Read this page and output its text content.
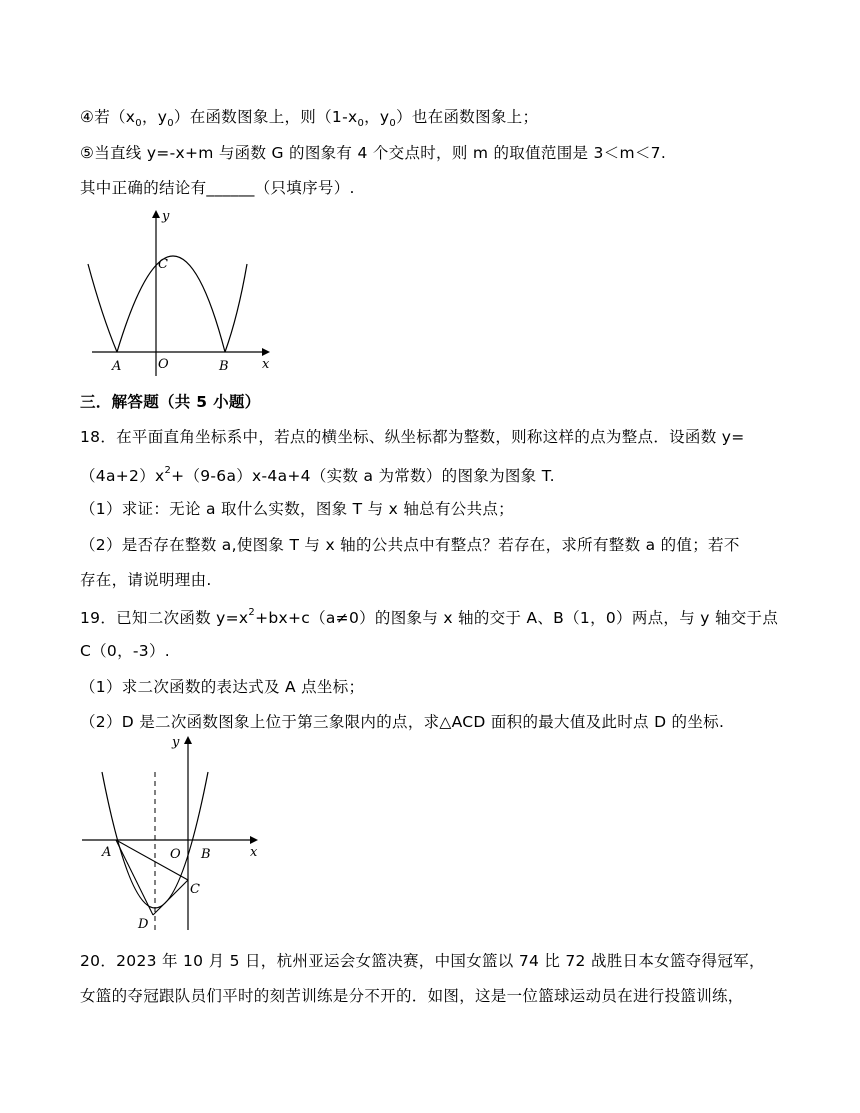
④若（$x_0$，$y_0$）在函数图象上，则（$1-x_0$，$y_0$）也在函数图象上；
⑤当直线 y=-x+m 与函数 G 的图象有 4 个交点时，则 m 的取值范围是 3＜m＜7.
其中正确的结论有______（只填序号）.
y
x
A	O	B
C
三．解答题（共 5 小题）
18．在平面直角坐标系中，若点的横坐标、纵坐标都为整数，则称这样的点为整点．设函数 y=
$(4a+2)x^2+(9-6a)x-4a+4$（实数 a 为常数）的图象为图象 T.
（1）求证：无论 a 取什么实数，图象 T 与 x 轴总有公共点；
（2）是否存在整数 a,使图象 T 与 x 轴的公共点中有整点？若存在，求所有整数 a 的值；若不
存在，请说明理由.
19．已知二次函数 $y=x^2+bx+c(a\ne 0)$的图象与 x 轴的交于 A、B（1，0）两点，与 y 轴交于点
C（0，-3）.
（1）求二次函数的表达式及 A 点坐标；
（2）D 是二次函数图象上位于第三象限内的点，求△ACD 面积的最大值及此时点 D 的坐标.
y
x
A	O B
C
D
20．2023 年 10 月 5 日，杭州亚运会女篮决赛，中国女篮以 74 比 72 战胜日本女篮夺得冠军，
女篮的夺冠跟队员们平时的刻苦训练是分不开的．如图，这是一位篮球运动员在进行投篮训练，
